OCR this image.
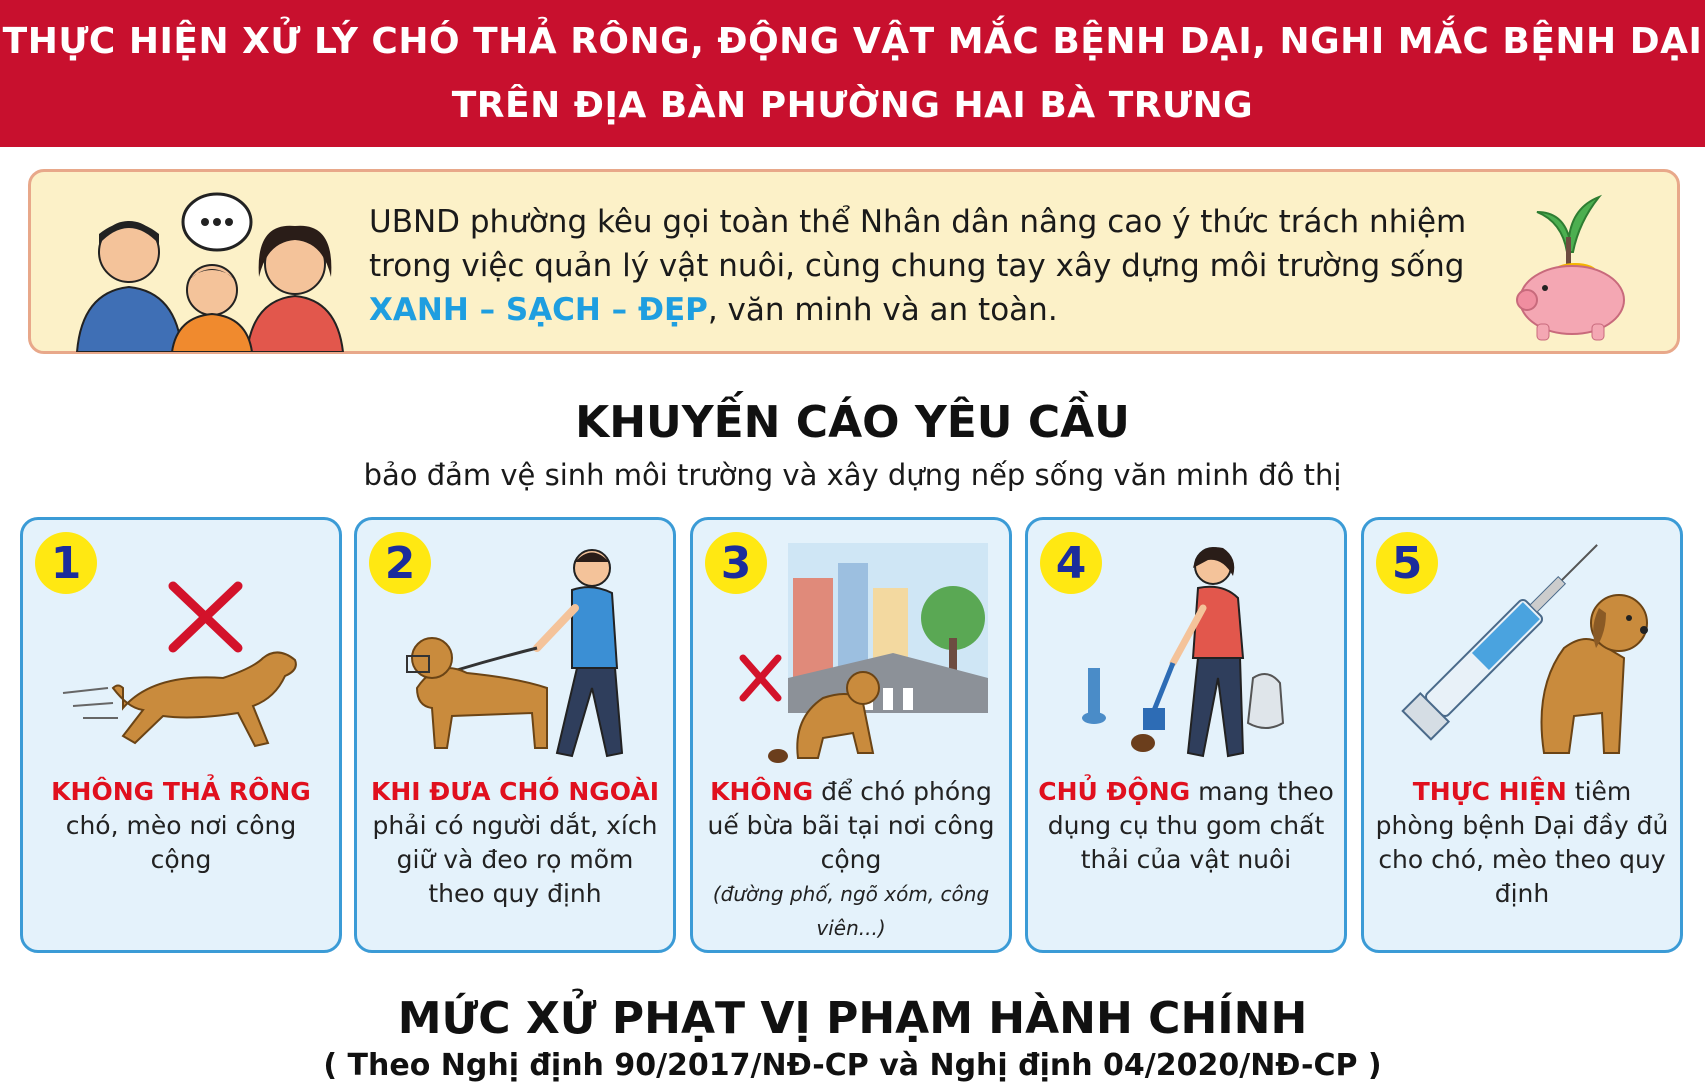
THỰC HIỆN XỬ LÝ CHÓ THẢ RÔNG, ĐỘNG VẬT MẮC BỆNH DẠI, NGHI MẮC BỆNH DẠI
TRÊN ĐỊA BÀN PHƯỜNG HAI BÀ TRƯNG
UBND phường kêu gọi toàn thể Nhân dân nâng cao ý thức trách nhiệm trong việc quản lý vật nuôi, cùng chung tay xây dựng môi trường sống XANH – SẠCH – ĐẸP, văn minh và an toàn.
KHUYẾN CÁO YÊU CẦU
bảo đảm vệ sinh môi trường và xây dựng nếp sống văn minh đô thị
1
KHÔNG THẢ RÔNG
chó, mèo nơi công cộng
2
KHI ĐƯA CHÓ NGOÀI
phải có người dắt, xích giữ và đeo rọ mõm theo quy định
3
KHÔNG để chó phóng uế bừa bãi tại nơi công cộng
(đường phố, ngõ xóm, công viên...)
4
CHỦ ĐỘNG mang theo dụng cụ thu gom chất thải của vật nuôi
5
THỰC HIỆN tiêm phòng bệnh Dại đầy đủ cho chó, mèo theo quy định
MỨC XỬ PHẠT VỊ PHẠM HÀNH CHÍNH
( Theo Nghị định 90/2017/NĐ-CP và Nghị định 04/2020/NĐ-CP )
